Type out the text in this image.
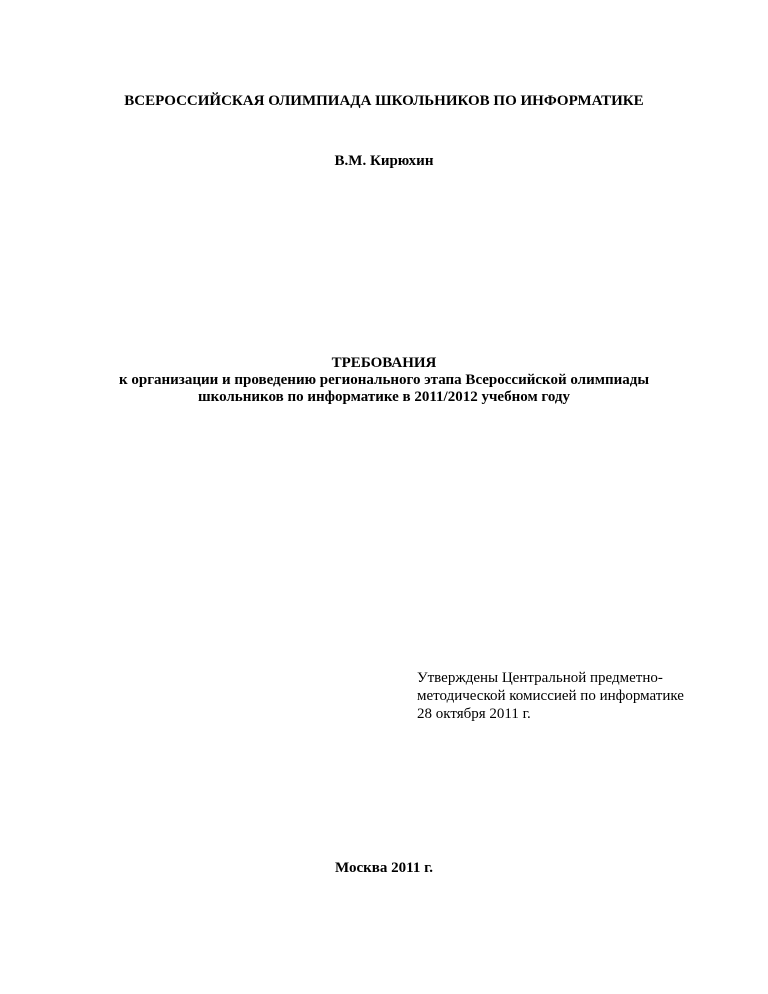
ВСЕРОССИЙСКАЯ ОЛИМПИАДА ШКОЛЬНИКОВ ПО ИНФОРМАТИКЕ
В.М. Кирюхин
ТРЕБОВАНИЯ
к организации и проведению регионального этапа Всероссийской олимпиады
школьников по информатике в 2011/2012 учебном году
Утверждены Центральной предметно-
методической комиссией по информатике
28 октября 2011 г.
Москва 2011 г.
